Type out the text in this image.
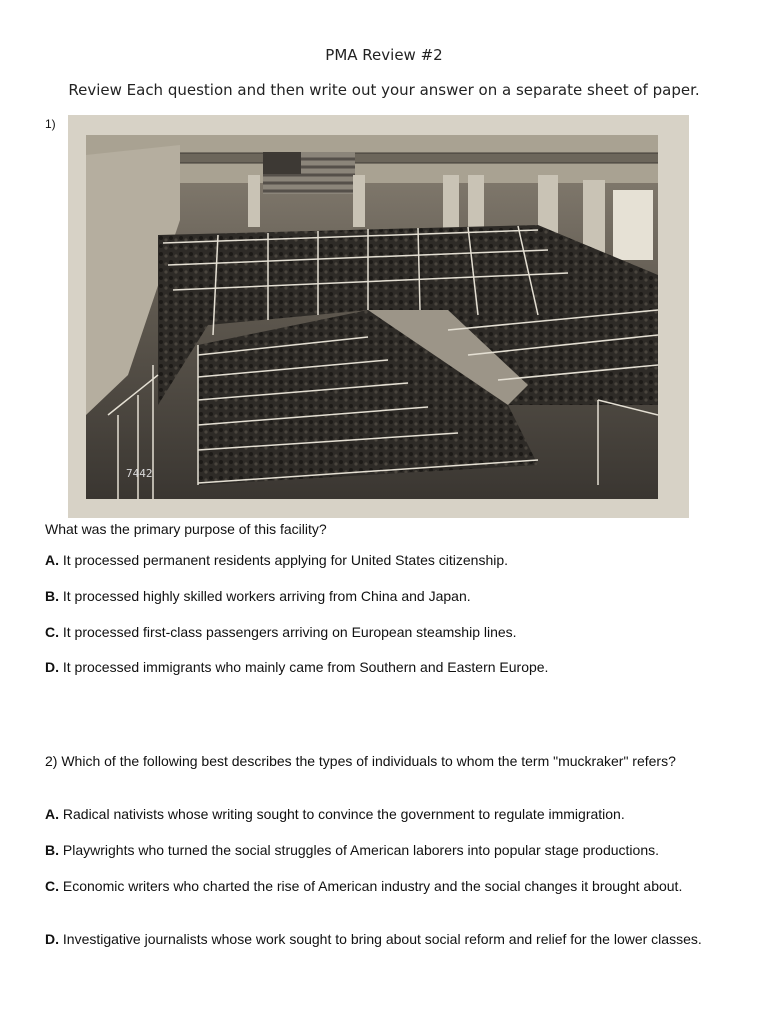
PMA Review #2
Review Each question and then write out your answer on a separate sheet of paper.
1)
7442
What was the primary purpose of this facility?
A. It processed permanent residents applying for United States citizenship.
B. It processed highly skilled workers arriving from China and Japan.
C. It processed first-class passengers arriving on European steamship lines.
D. It processed immigrants who mainly came from Southern and Eastern Europe.
2) Which of the following best describes the types of individuals to whom the term "muckraker" refers?
A. Radical nativists whose writing sought to convince the government to regulate immigration.
B. Playwrights who turned the social struggles of American laborers into popular stage productions.
C. Economic writers who charted the rise of American industry and the social changes it brought about.
D. Investigative journalists whose work sought to bring about social reform and relief for the lower classes.
